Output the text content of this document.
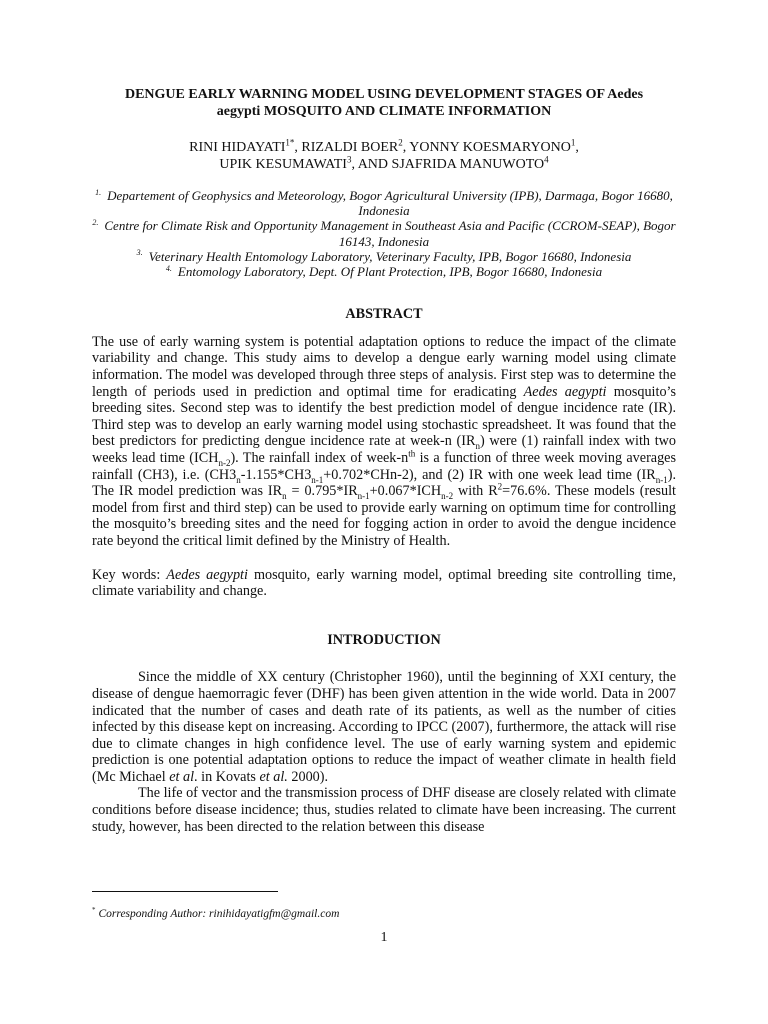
DENGUE EARLY WARNING MODEL USING DEVELOPMENT STAGES OF Aedes
aegypti MOSQUITO AND CLIMATE INFORMATION

RINI $HIDAYATI^{1*}$, RIZALDI BOER$^2$, YONNY KOESMARYONO$^1$,
UPIK KESUMAWATI$^3$, AND SJAFRIDA MANUWOTO$^4$
$^{1.}$ Departement of Geophysics and Meteorology, Bogor Agricultural University (IPB), Darmaga, Bogor 16680, Indonesia
$^{2.}$ Centre for Climate Risk and Opportunity Management in Southeast Asia and Pacific (CCROM-SEAP), Bogor 16143, Indonesia
$^{3.}$ Veterinary Health Entomology Laboratory, Veterinary Faculty, IPB, Bogor 16680, Indonesia
$^{4.}$ Entomology Laboratory, Dept. Of Plant Protection, IPB, Bogor 16680, Indonesia
ABSTRACT

The use of early warning system is potential adaptation options to reduce the impact of the climate variability and change. This study aims to develop a dengue early warning model using climate information. The model was developed through three steps of analysis. First step was to determine the length of periods used in prediction and optimal time for eradicating Aedes aegypti mosquito’s breeding sites. Second step was to identify the best prediction model of dengue incidence rate (IR). Third step was to develop an early warning model using stochastic spreadsheet. It was found that the best predictors for predicting dengue incidence rate at week-n $(IR_n)$ were (1) rainfall index with two weeks lead time $(ICH_{n-2})$. The rainfall index of week-$n^{th}$ is a function of three week moving averages rainfall (CH3), i.e. $(CH3_n-1.155*CH3_{n-1}+0.702*CHn-2)$, and (2) IR with one week lead time $(IR_{n-1})$. The IR model prediction was $IR_n = 0.795*IR_{n-1}+0.067*ICH_{n-2}$ with $R^2=76.6\%$. These models (result model from first and third step) can be used to provide early warning on optimum time for controlling the mosquito’s breeding sites and the need for fogging action in order to avoid the dengue incidence rate beyond the critical limit defined by the Ministry of Health.

Key words: Aedes aegypti mosquito, early warning model, optimal breeding site controlling time, climate variability and change.

INTRODUCTION

Since the middle of XX century (Christopher 1960), until the beginning of XXI century, the disease of dengue haemorragic fever (DHF) has been given attention in the wide world. Data in 2007 indicated that the number of cases and death rate of its patients, as well as the number of cities infected by this disease kept on increasing. According to IPCC (2007), furthermore, the attack will rise due to climate changes in high confidence level. The use of early warning system and epidemic prediction is one potential adaptation options to reduce the impact of weather climate in health field (Mc Michael et al. in Kovats et al. 2000).

The life of vector and the transmission process of DHF disease are closely related with climate conditions before disease incidence; thus, studies related to climate have been increasing. The current study, however, has been directed to the relation between this disease

* Corresponding Author: rinihidayatigfm@gmail.com
1
